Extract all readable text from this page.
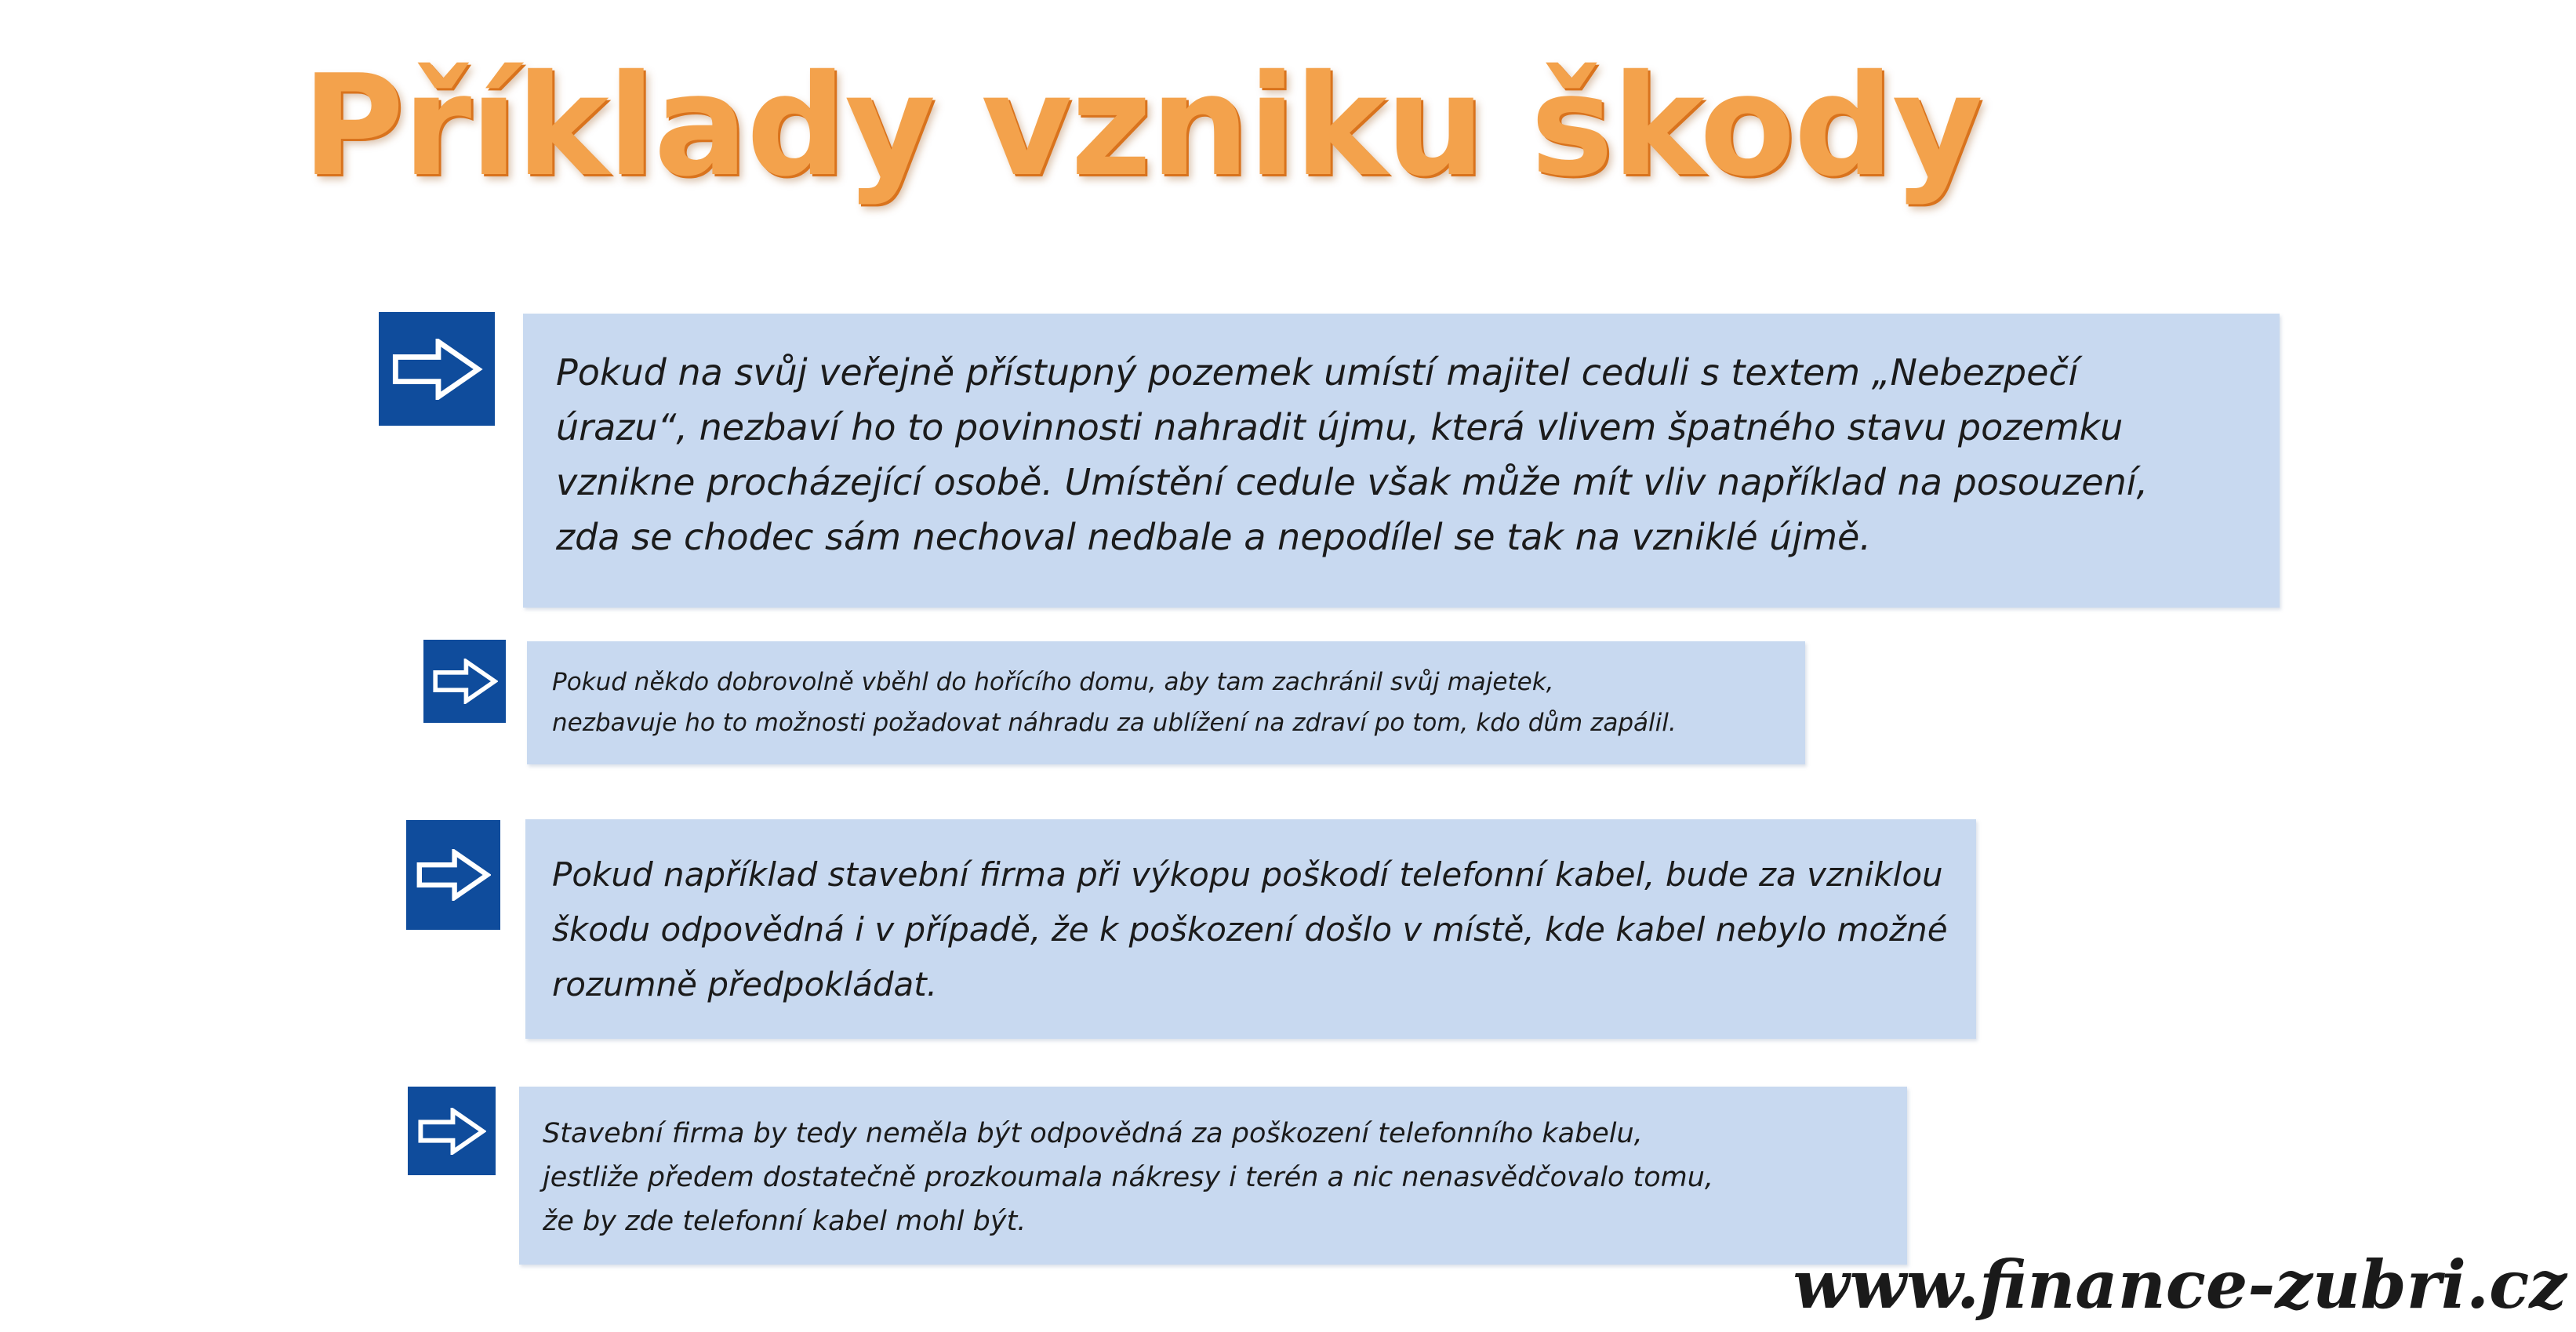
Příklady vzniku škody

Pokud na svůj veřejně přístupný pozemek umístí majitel ceduli s textem „Nebezpečí

úrazu“, nezbaví ho to povinnosti nahradit újmu, která vlivem špatného stavu pozemku

vznikne procházející osobě. Umístění cedule však může mít vliv například na posouzení,

zda se chodec sám nechoval nedbale a nepodílel se tak na vzniklé újmě.

Pokud někdo dobrovolně vběhl do hořícího domu, aby tam zachránil svůj majetek,

nezbavuje ho to možnosti požadovat náhradu za ublížení na zdraví po tom, kdo dům zapálil.

Pokud například stavební firma při výkopu poškodí telefonní kabel, bude za vzniklou

škodu odpovědná i v případě, že k poškození došlo v místě, kde kabel nebylo možné

rozumně předpokládat.

Stavební firma by tedy neměla být odpovědná za poškození telefonního kabelu,

jestliže předem dostatečně prozkoumala nákresy i terén a nic nenasvědčovalo tomu,

že by zde telefonní kabel mohl být.

www.finance-zubri.cz
